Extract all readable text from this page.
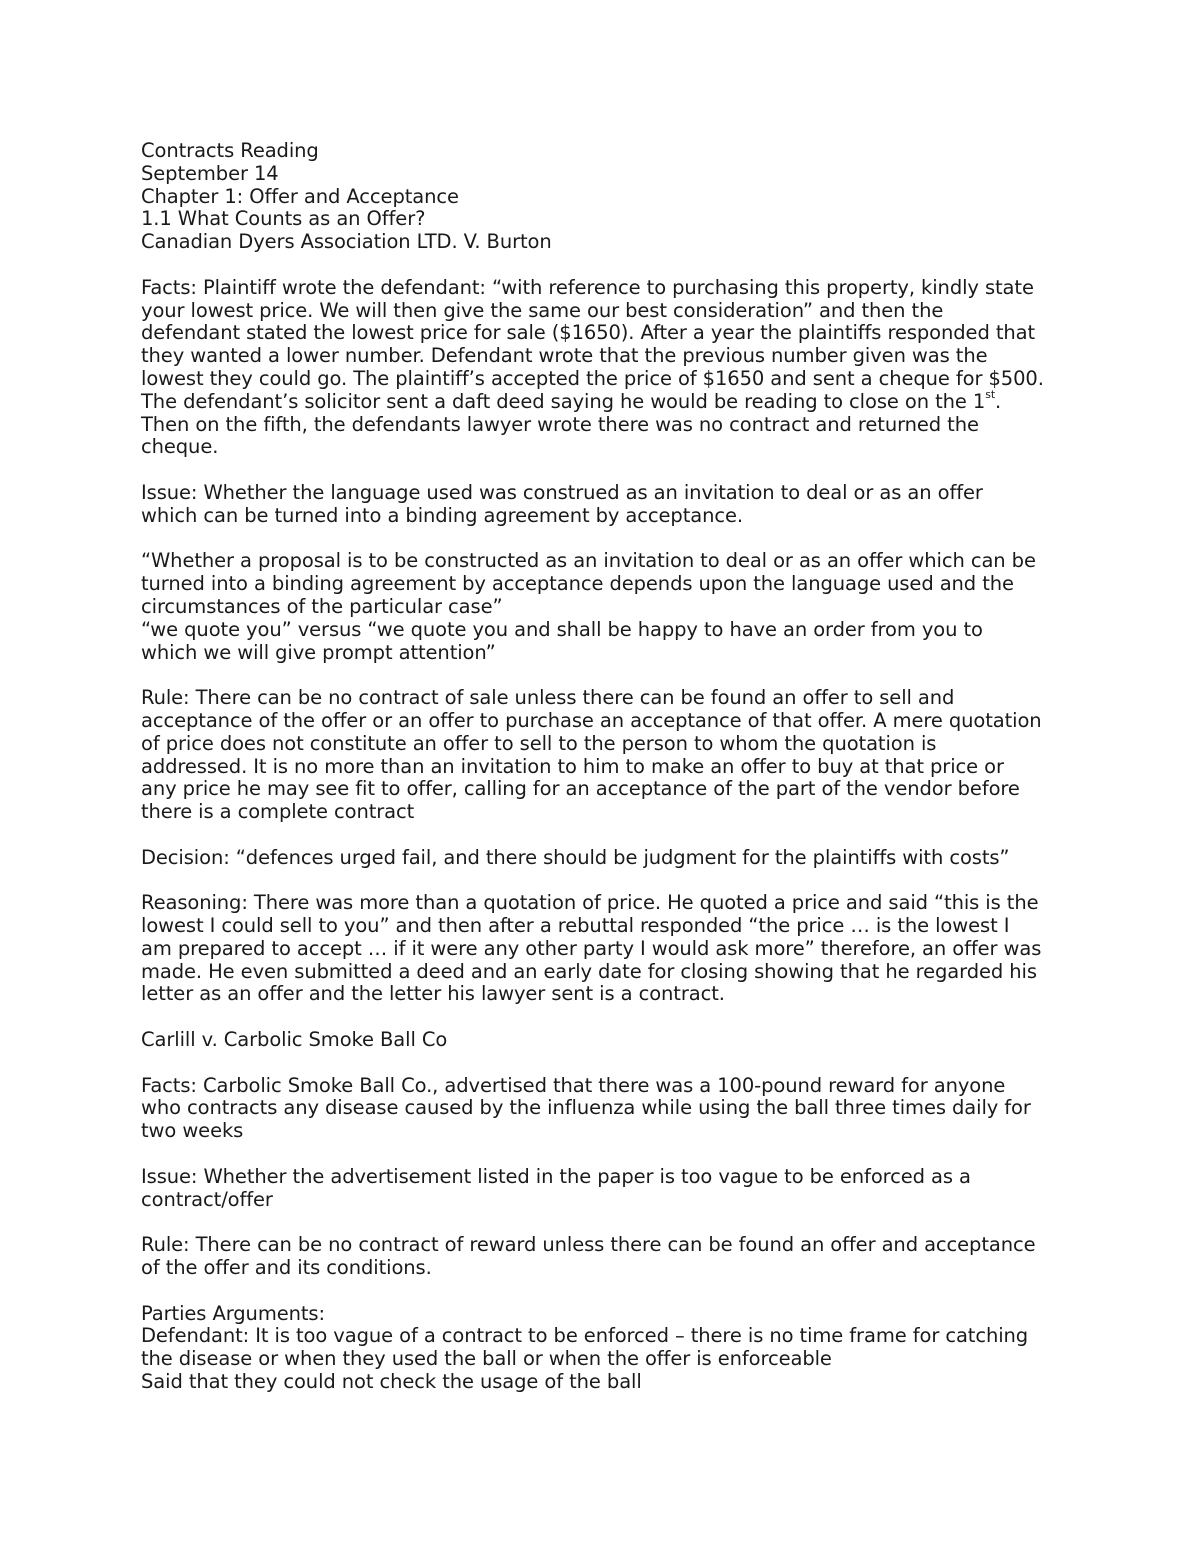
Contracts Reading
September 14
Chapter 1: Offer and Acceptance
1.1 What Counts as an Offer?
Canadian Dyers Association LTD. V. Burton
Facts: Plaintiff wrote the defendant: “with reference to purchasing this property, kindly state
your lowest price. We will then give the same our best consideration” and then the
defendant stated the lowest price for sale ($1650). After a year the plaintiffs responded that
they wanted a lower number. Defendant wrote that the previous number given was the
lowest they could go. The plaintiff’s accepted the price of $1650 and sent a cheque for $500.
The defendant’s solicitor sent a daft deed saying he would be reading to close on the 1st.
Then on the fifth, the defendants lawyer wrote there was no contract and returned the
cheque.
Issue: Whether the language used was construed as an invitation to deal or as an offer
which can be turned into a binding agreement by acceptance.
“Whether a proposal is to be constructed as an invitation to deal or as an offer which can be
turned into a binding agreement by acceptance depends upon the language used and the
circumstances of the particular case”
“we quote you” versus “we quote you and shall be happy to have an order from you to
which we will give prompt attention”
Rule: There can be no contract of sale unless there can be found an offer to sell and
acceptance of the offer or an offer to purchase an acceptance of that offer. A mere quotation
of price does not constitute an offer to sell to the person to whom the quotation is
addressed. It is no more than an invitation to him to make an offer to buy at that price or
any price he may see fit to offer, calling for an acceptance of the part of the vendor before
there is a complete contract
Decision: “defences urged fail, and there should be judgment for the plaintiffs with costs”
Reasoning: There was more than a quotation of price. He quoted a price and said “this is the
lowest I could sell to you” and then after a rebuttal responded “the price … is the lowest I
am prepared to accept … if it were any other party I would ask more” therefore, an offer was
made. He even submitted a deed and an early date for closing showing that he regarded his
letter as an offer and the letter his lawyer sent is a contract.
Carlill v. Carbolic Smoke Ball Co
Facts: Carbolic Smoke Ball Co., advertised that there was a 100-pound reward for anyone
who contracts any disease caused by the influenza while using the ball three times daily for
two weeks
Issue: Whether the advertisement listed in the paper is too vague to be enforced as a
contract/offer
Rule: There can be no contract of reward unless there can be found an offer and acceptance
of the offer and its conditions.
Parties Arguments:
Defendant: It is too vague of a contract to be enforced – there is no time frame for catching
the disease or when they used the ball or when the offer is enforceable
Said that they could not check the usage of the ball
